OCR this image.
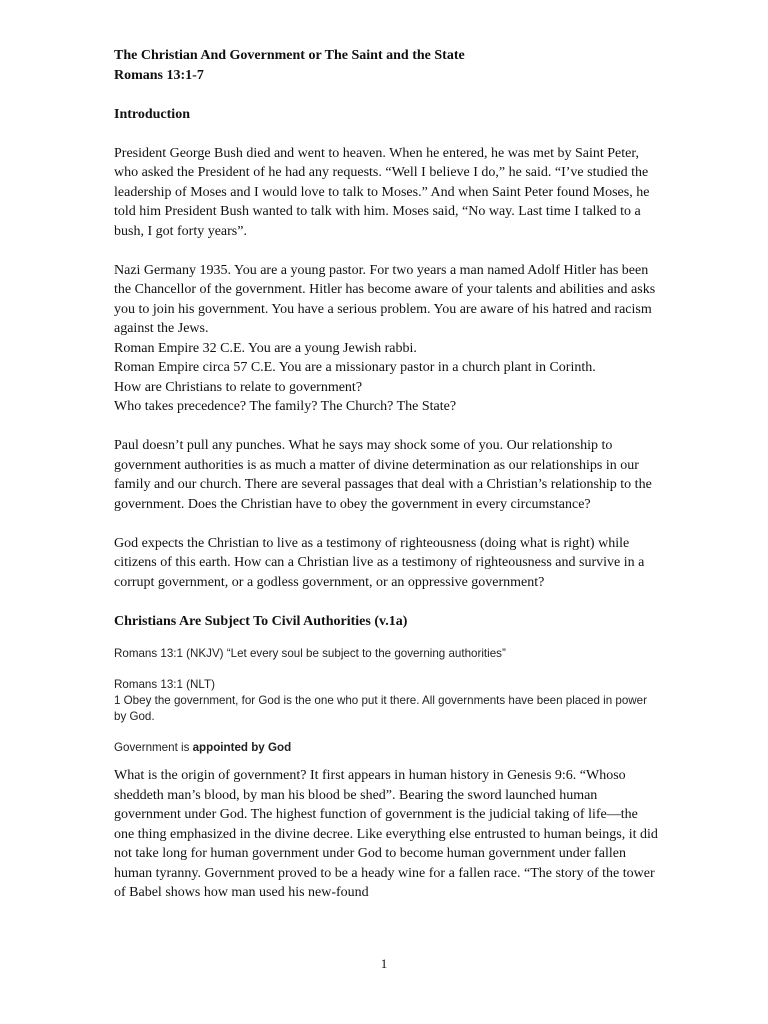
The Christian And Government or The Saint and the State

Romans 13:1-7

Introduction

President George Bush died and went to heaven. When he entered, he was met by Saint Peter, who asked the President of he had any requests. “Well I believe I do,” he said. “I’ve studied the leadership of Moses and I would love to talk to Moses.” And when Saint Peter found Moses, he told him President Bush wanted to talk with him. Moses said, “No way. Last time I talked to a bush, I got forty years”.

Nazi Germany 1935. You are a young pastor. For two years a man named Adolf Hitler has been the Chancellor of the government. Hitler has become aware of your talents and abilities and asks you to join his government. You have a serious problem. You are aware of his hatred and racism against the Jews.

Roman Empire 32 C.E. You are a young Jewish rabbi.

Roman Empire circa 57 C.E. You are a missionary pastor in a church plant in Corinth.

How are Christians to relate to government?

Who takes precedence? The family? The Church? The State?

Paul doesn’t pull any punches. What he says may shock some of you. Our relationship to government authorities is as much a matter of divine determination as our relationships in our family and our church. There are several passages that deal with a Christian’s relationship to the government. Does the Christian have to obey the government in every circumstance?

God expects the Christian to live as a testimony of righteousness (doing what is right) while citizens of this earth. How can a Christian live as a testimony of righteousness and survive in a corrupt government, or a godless government, or an oppressive government?

Christians Are Subject To Civil Authorities (v.1a)

Romans 13:1 (NKJV) “Let every soul be subject to the governing authorities”

Romans 13:1 (NLT)

1 Obey the government, for God is the one who put it there. All governments have been placed in power by God.

Government is appointed by God

What is the origin of government? It first appears in human history in Genesis 9:6. “Whoso sheddeth man’s blood, by man his blood be shed”. Bearing the sword launched human government under God. The highest function of government is the judicial taking of life—the one thing emphasized in the divine decree. Like everything else entrusted to human beings, it did not take long for human government under God to become human government under fallen human tyranny. Government proved to be a heady wine for a fallen race. “The story of the tower of Babel shows how man used his new-found

1
